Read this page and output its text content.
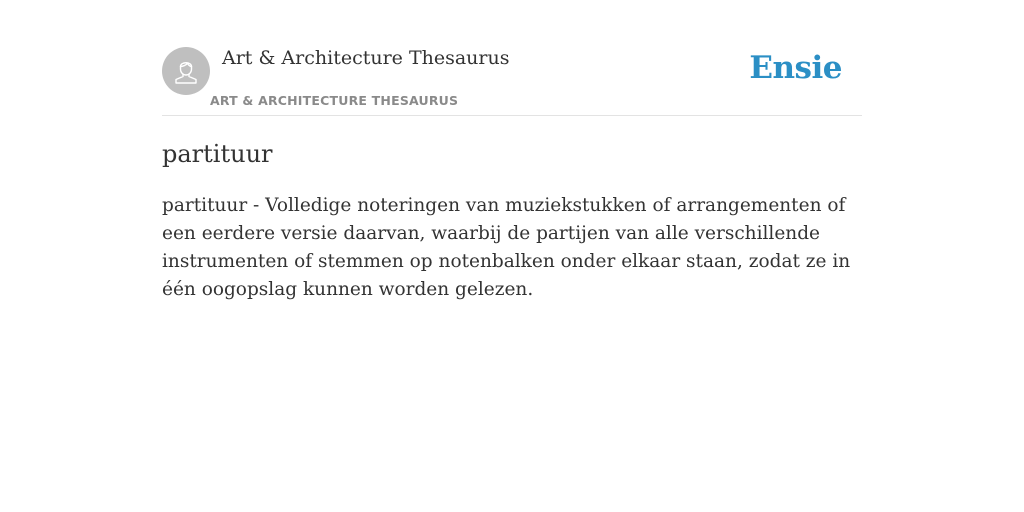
Art & Architecture Thesaurus
ART & ARCHITECTURE THESAURUS
Ensie
partituur

partituur - Volledige noteringen van muziekstukken of arrangementen of een eerdere versie daarvan, waarbij de partijen van alle verschillende instrumenten of stemmen op notenbalken onder elkaar staan, zodat ze in één oogopslag kunnen worden gelezen.
